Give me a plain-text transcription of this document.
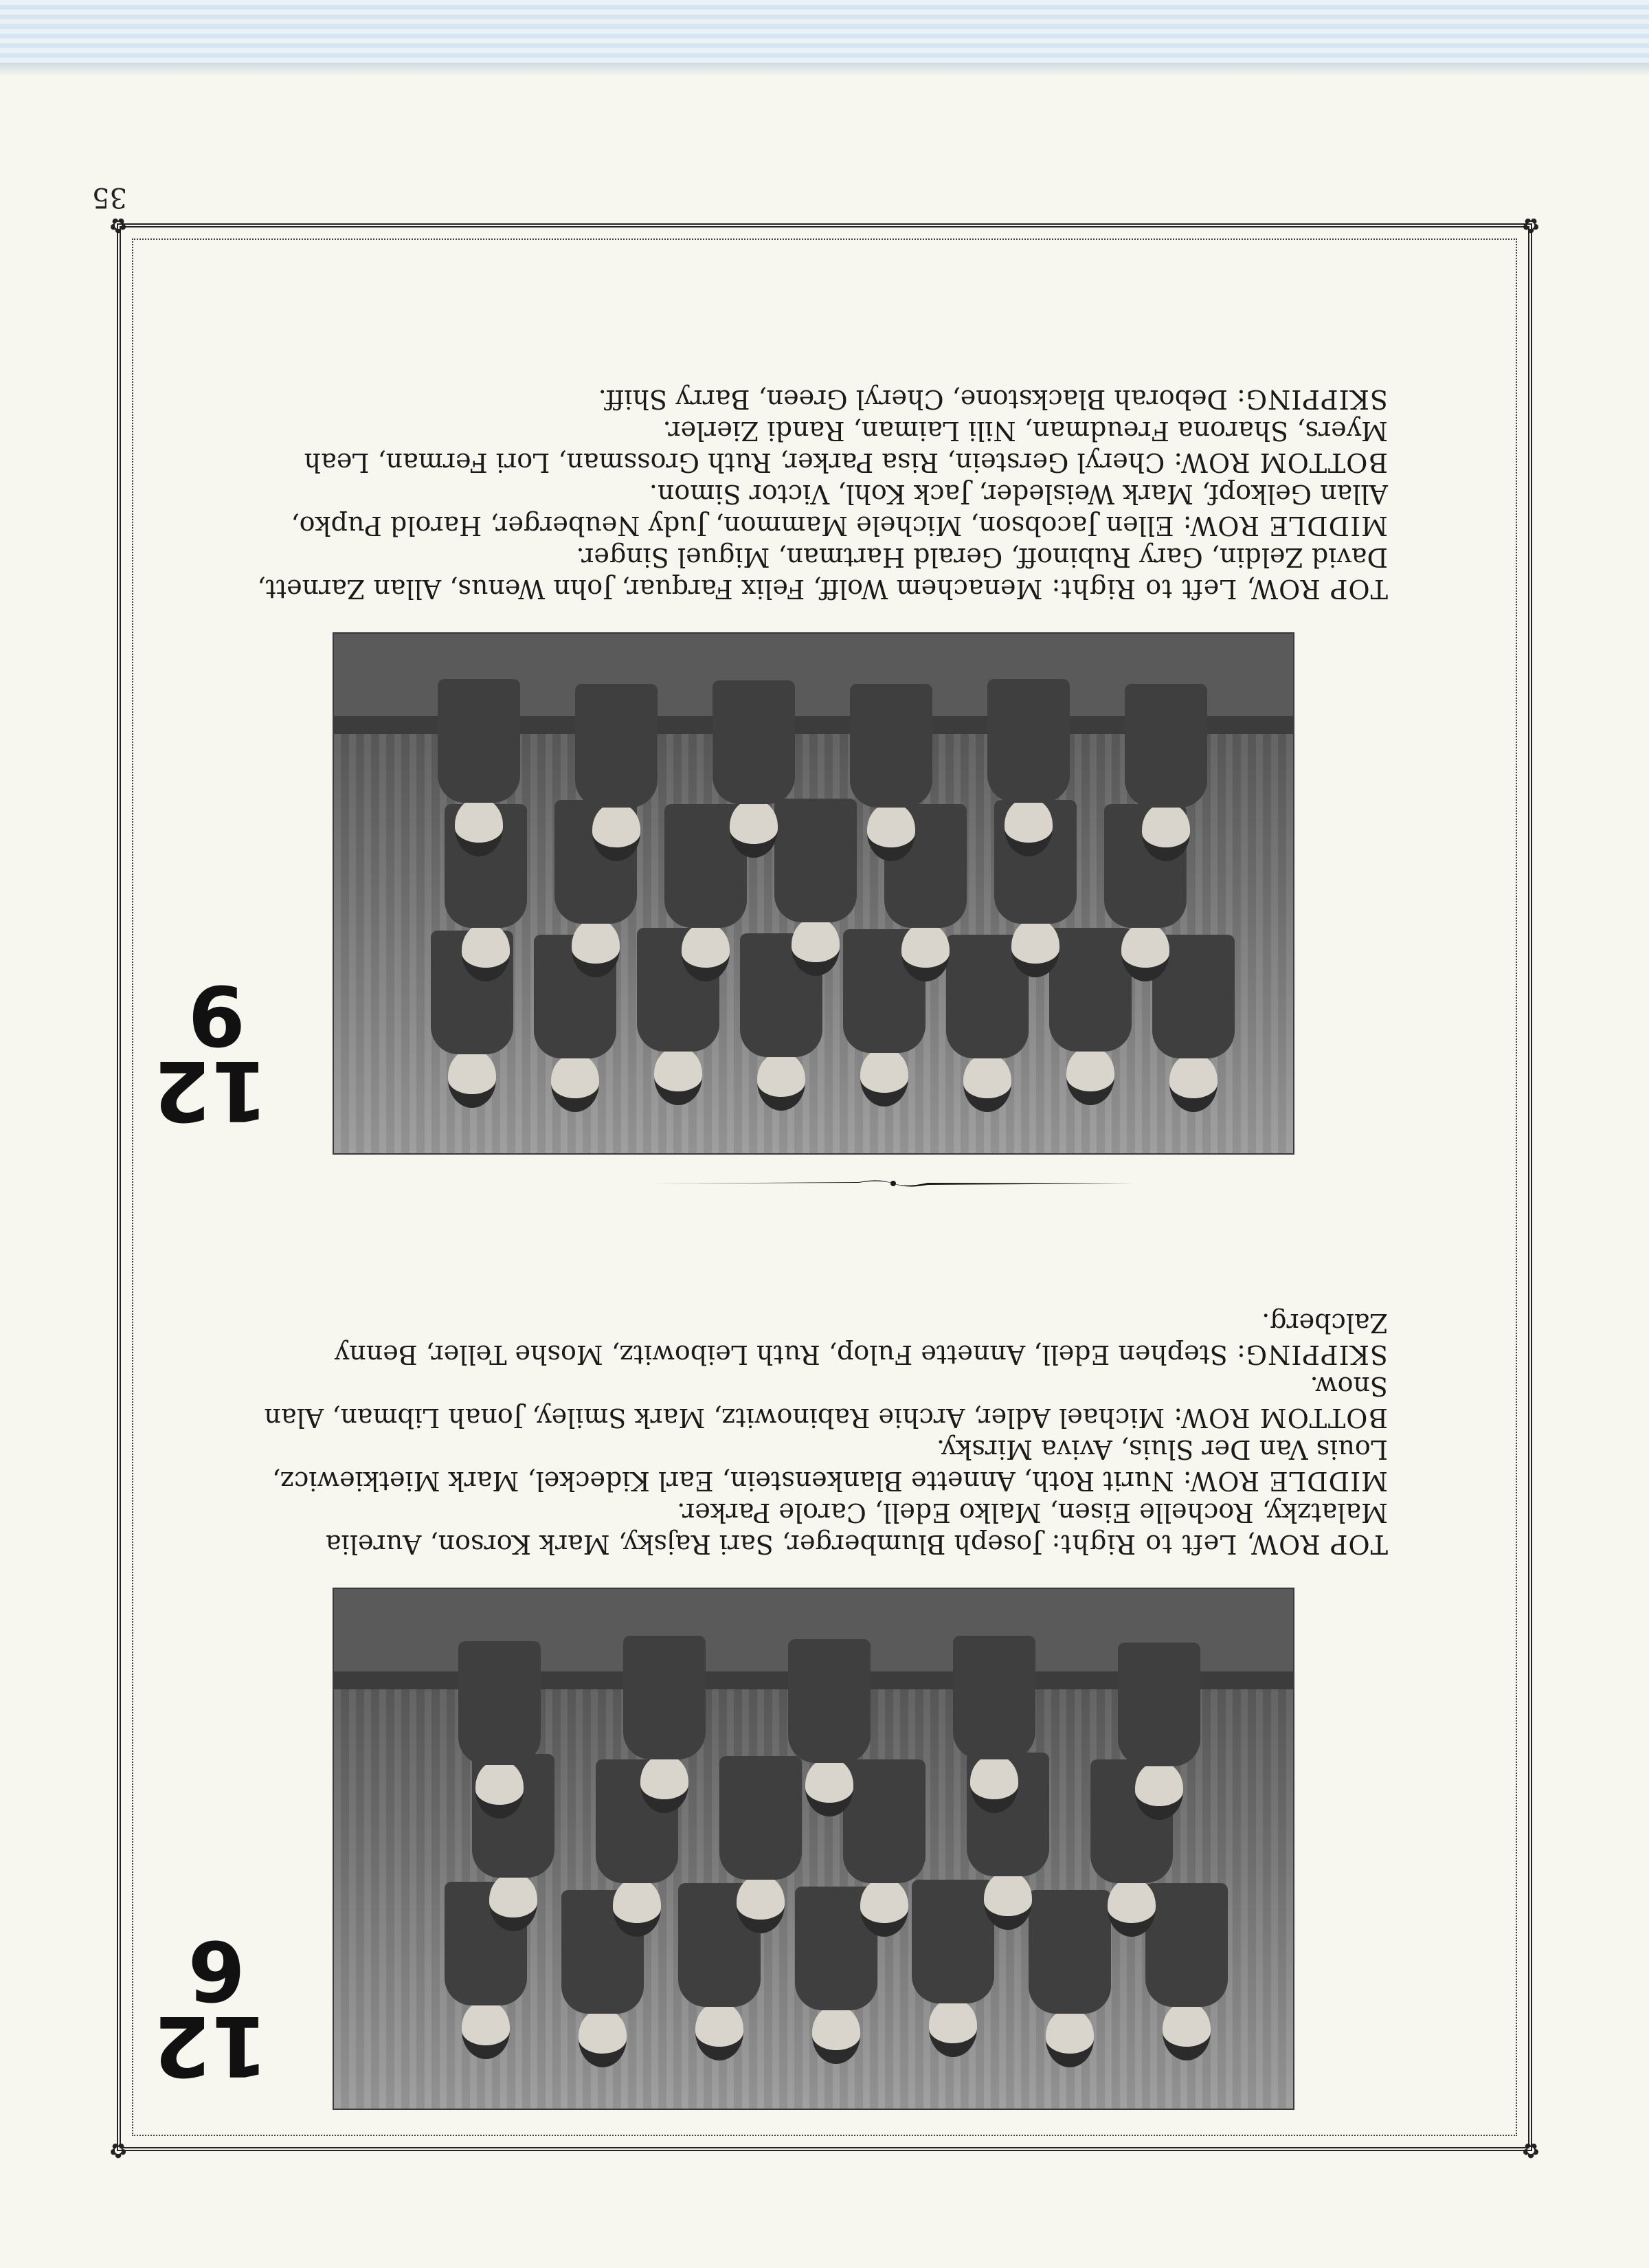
✿
✿
✿
✿
12
6

TOP ROW, Left to Right: Joseph Blumberger, Sari Rajsky, Mark Korson, Aurelia Malatzky, Rochelle Eisen, Malko Edell, Carole Parker.

MIDDLE ROW: Nurit Roth, Annette Blankenstein, Earl Kideckel, Mark Mietkiewicz, Louis Van Der Sluis, Aviva Mirsky.

BOTTOM ROW: Michael Adler, Archie Rabinowitz, Mark Smiley, Jonah Libman, Alan Snow.

SKIPPING: Stephen Edell, Annette Fulop, Ruth Leibowitz, Moshe Teller, Benny Zalcberg.

12
9

TOP ROW, Left to Right: Menachem Wolff, Felix Farquar, John Wenus, Allan Zarnett, David Zeldin, Gary Rubinoff, Gerald Hartman, Miguel Singer.

MIDDLE ROW: Ellen Jacobson, Michele Mammon, Judy Neuberger, Harold Pupko, Allan Gelkopf, Mark Weisleder, Jack Kohl, Victor Simon.

BOTTOM ROW: Cheryl Gerstein, Risa Parker, Ruth Grossman, Lori Ferman, Leah Myers, Sharona Freudman, Nili Laiman, Randi Zierler.

SKIPPING: Deborah Blackstone, Cheryl Green, Barry Shiff.

35
